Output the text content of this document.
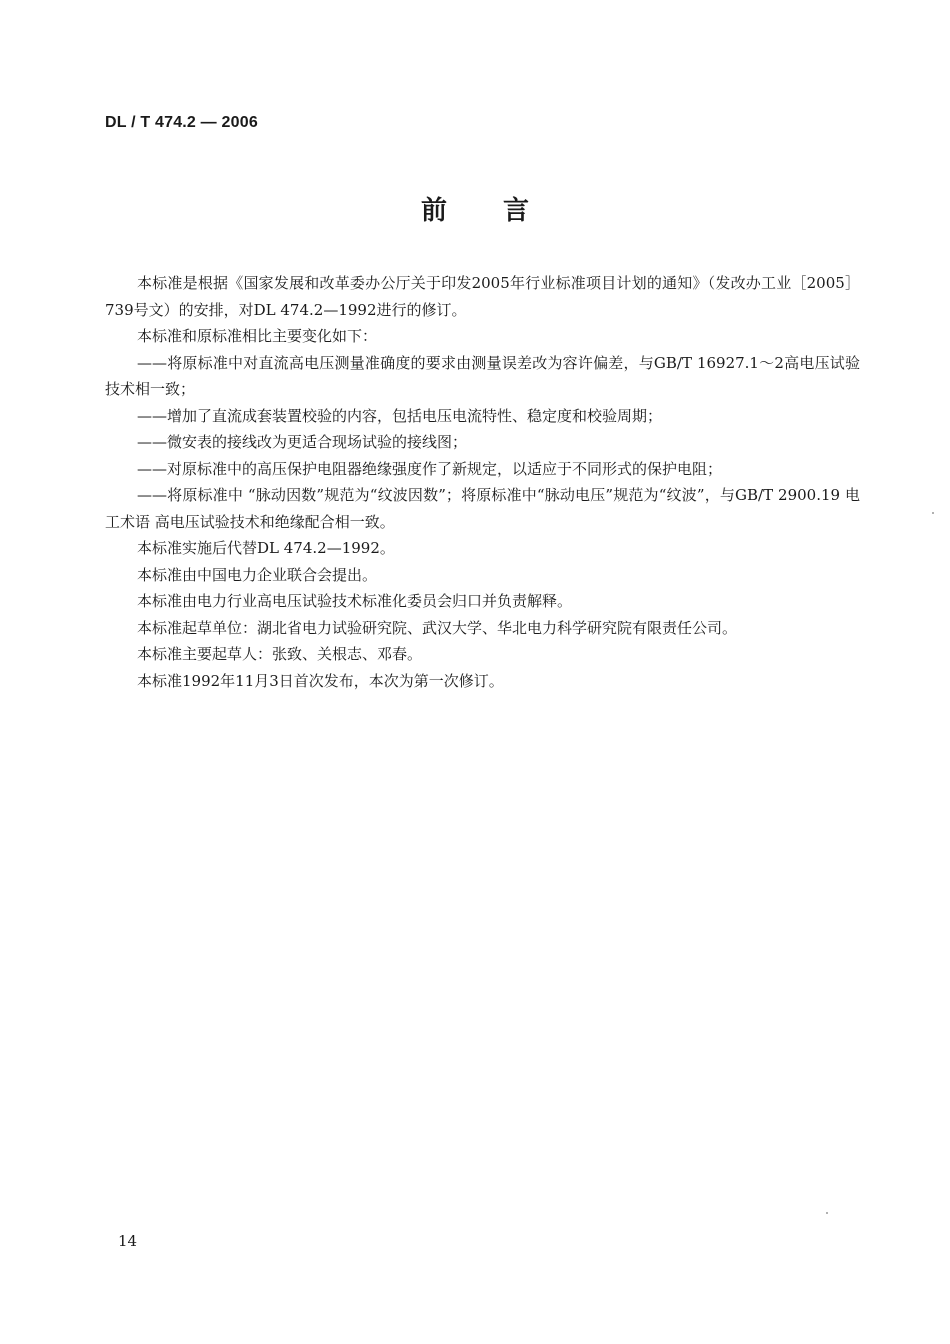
DL / T 474.2 — 2006
前言

本标准是根据《国家发展和改革委办公厅关于印发2005年行业标准项目计划的通知》（发改办工业［2005］739号文）的安排，对DL 474.2—1992进行的修订。

本标准和原标准相比主要变化如下：

——将原标准中对直流高电压测量准确度的要求由测量误差改为容许偏差，与GB/T 16927.1～2高电压试验技术相一致；

——增加了直流成套装置校验的内容，包括电压电流特性、稳定度和校验周期；

——微安表的接线改为更适合现场试验的接线图；

——对原标准中的高压保护电阻器绝缘强度作了新规定，以适应于不同形式的保护电阻；

——将原标准中 “脉动因数”规范为“纹波因数”；将原标准中“脉动电压”规范为“纹波”，与GB/T 2900.19 电工术语 高电压试验技术和绝缘配合相一致。

本标准实施后代替DL 474.2—1992。

本标准由中国电力企业联合会提出。

本标准由电力行业高电压试验技术标准化委员会归口并负责解释。

本标准起草单位：湖北省电力试验研究院、武汉大学、华北电力科学研究院有限责任公司。

本标准主要起草人：张致、关根志、邓春。

本标准1992年11月3日首次发布，本次为第一次修订。

14
